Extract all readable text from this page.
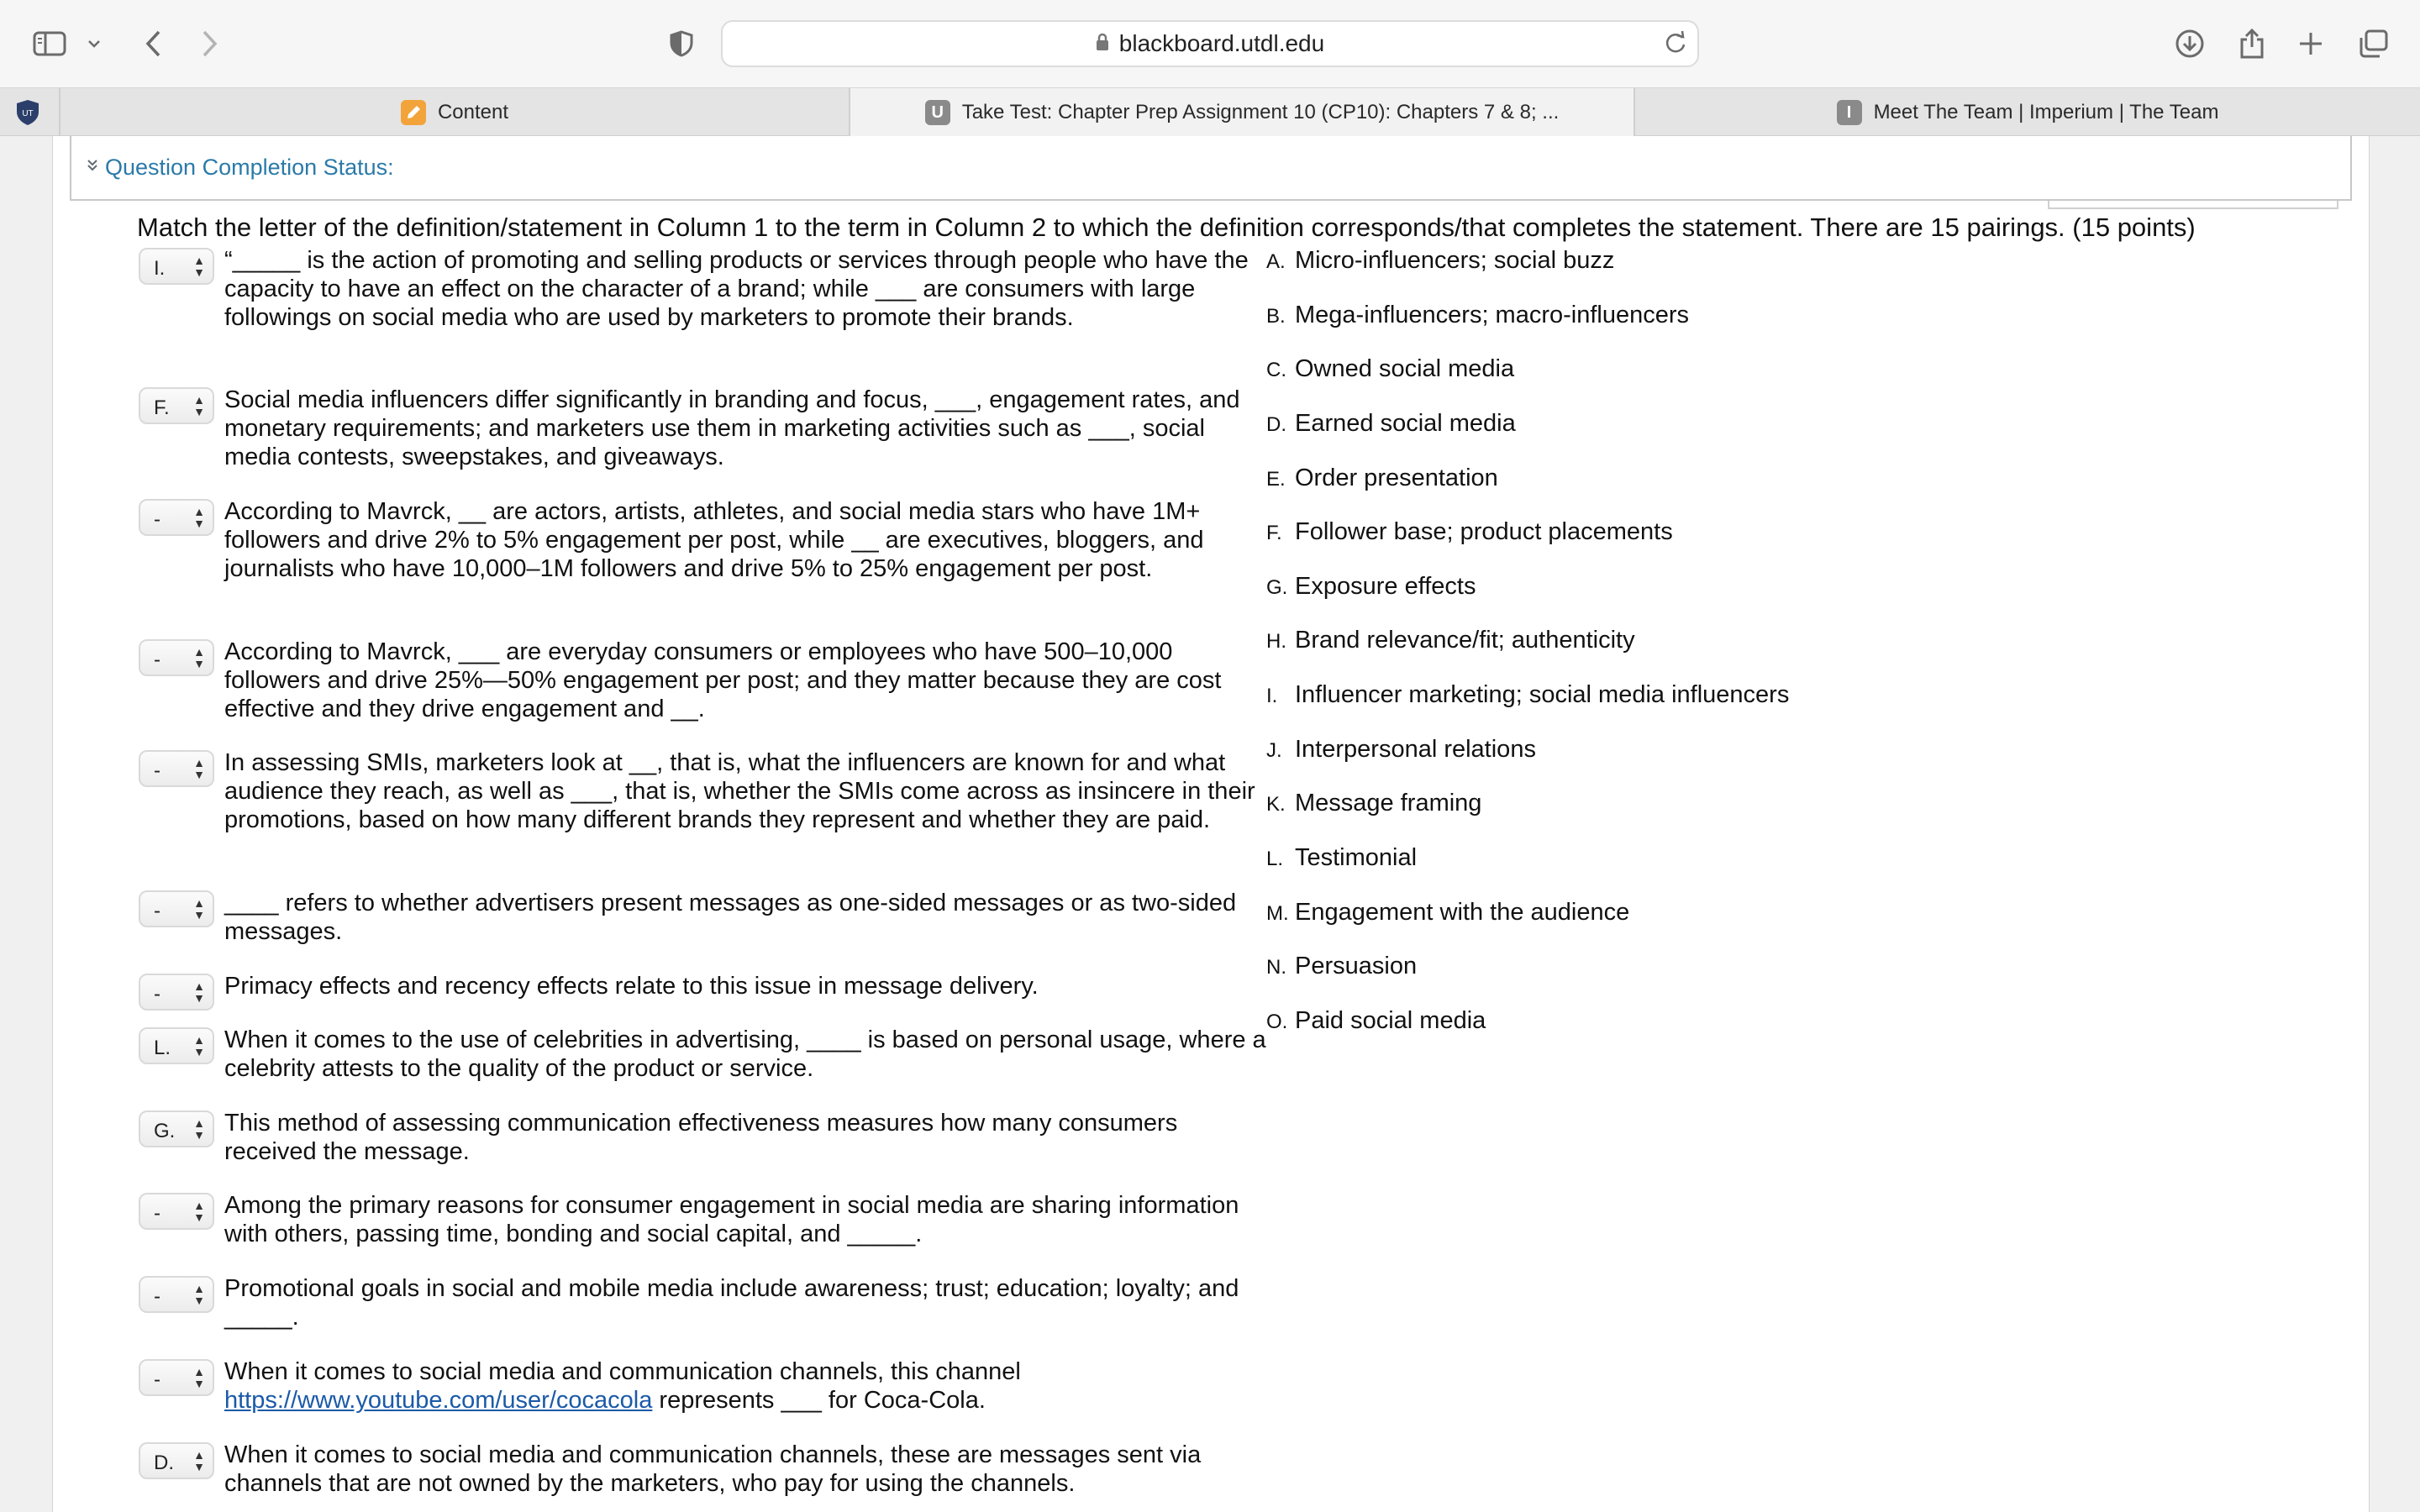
blackboard.utdl.edu
UT	Content	U Take Test: Chapter Prep Assignment 10 (CP10): Chapters 7 & 8; ...	I	Meet The Team | Imperium | The Team
Question Completion Status:
Match the letter of the definition/statement in Column 1 to the term in Column 2 to which the definition corresponds/that completes the statement. There are 15 pairings. (15 points)
I. ▲
▼ “_____ is the action of promoting and selling products or services through people who have the capacity to have an effect on the character of a brand; while ___ are consumers with large followings on social media who are used by marketers to promote their brands.
F. ▲
▼ Social media influencers differ significantly in branding and focus, ___, engagement rates, and monetary requirements; and marketers use them in marketing activities such as ___, social media contests, sweepstakes, and giveaways.
-	▲
▼ According to Mavrck, __ are actors, artists, athletes, and social media stars who have 1M+ followers and drive 2% to 5% engagement per post, while __ are executives, bloggers, and journalists who have 10,000–1M followers and drive 5% to 25% engagement per post.
-	▲
▼ According to Mavrck, ___ are everyday consumers or employees who have 500–10,000 followers and drive 25%—50% engagement per post; and they matter because they are cost effective and they drive engagement and __.
-	▲
▼ In assessing SMIs, marketers look at __, that is, what the influencers are known for and what audience they reach, as well as ___, that is, whether the SMIs come across as insincere in their promotions, based on how many different brands they represent and whether they are paid.
-	▲
▼ ____ refers to whether advertisers present messages as one-sided messages or as two-sided messages.
-	▲
▼ Primacy effects and recency effects relate to this issue in message delivery.
L. ▲
▼ When it comes to the use of celebrities in advertising, ____ is based on personal usage, where a celebrity attests to the quality of the product or service.
G. ▲
▼ This method of assessing communication effectiveness measures how many consumers received the message.
-	▲
▼ Among the primary reasons for consumer engagement in social media are sharing information with others, passing time, bonding and social capital, and _____.
-	▲
▼ Promotional goals in social and mobile media include awareness; trust; education; loyalty; and _____.
-	▲
▼ When it comes to social media and communication channels, this channel
https://www.youtube.com/user/cocacola represents ___ for Coca-Cola.
D. ▲
▼ When it comes to social media and communication channels, these are messages sent via channels that are not owned by the marketers, who pay for using the channels.
A. Micro-influencers; social buzz
B. Mega-influencers; macro-influencers
C. Owned social media
D. Earned social media
E. Order presentation
F. Follower base; product placements
G. Exposure effects
H. Brand relevance/fit; authenticity
I. Influencer marketing; social media influencers
J. Interpersonal relations
K. Message framing
L. Testimonial
M. Engagement with the audience
N. Persuasion
O. Paid social media
